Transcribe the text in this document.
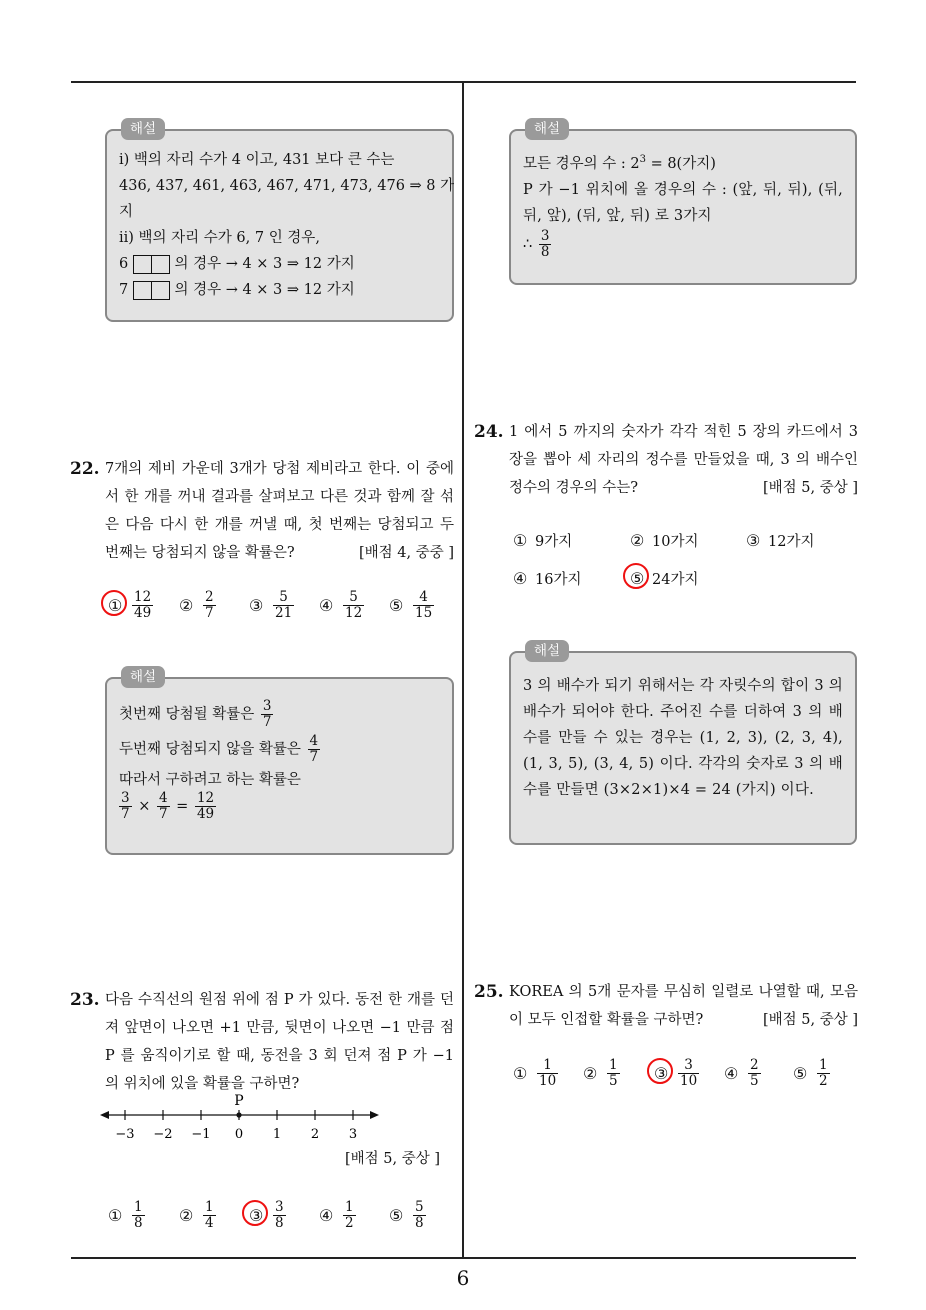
해설
ⅰ) 백의 자리 수가 4 이고, 431 보다 큰 수는
436, 437, 461, 463, 467, 471, 473, 476 ⇒ 8 가
지
ⅱ) 백의 자리 수가 6, 7 인 경우,
6	의 경우 → 4 × 3 ⇒ 12 가지
7	의 경우 → 4 × 3 ⇒ 12 가지
22. 7개의 제비 가운데 3개가 당첨 제비라고 한다. 이 중에서 한 개를 꺼내 결과를 살펴보고 다른 것과 함께 잘 섞은 다음 다시 한 개를 꺼낼 때, 첫 번째는 당첨되고 두 번째는 당첨되지 않을 확률은?	[배점 4, 중중 ]
① $\frac{12}{49}$ ② $\frac{2}{7}$ ③ $\frac{5}{21}$ ④ $\frac{5}{12}$ ⑤ $\frac{4}{15}$
해설
첫번째 당첨될 확률은 $\frac{3}{7}$
두번째 당첨되지 않을 확률은 $\frac{4}{7}$
따라서 구하려고 하는 확률은
$\frac{3}{7} \times \frac{4}{7} = \frac{12}{49}$
23. 다음 수직선의 원점 위에 점 P 가 있다. 동전 한 개를 던져 앞면이 나오면 +1 만큼, 뒷면이 나오면 −1 만큼 점 P 를 움직이기로 할 때, 동전을 3 회 던져 점 P 가 −1 의 위치에 있을 확률을 구하면?
−3 −2 −1 0 1 2 3
P
[배점 5, 중상 ]
① $\frac{1}{8}$ ② $\frac{1}{4}$ ③ $\frac{3}{8}$ ④ $\frac{1}{2}$ ⑤ $\frac{5}{8}$
해설
모든 경우의 수 : $2^3 = 8$(가지)
P 가 −1 위치에 올 경우의 수 : (앞, 뒤, 뒤), (뒤, 뒤, 앞), (뒤, 앞, 뒤) 로 3가지
∴ $\frac{3}{8}$
24. 1 에서 5 까지의 숫자가 각각 적힌 5 장의 카드에서 3 장을 뽑아 세 자리의 정수를 만들었을 때, 3 의 배수인 정수의 경우의 수는?	[배점 5, 중상 ]
① 9가지	② 10가지	③ 12가지
④ 16가지	⑤ 24가지
해설
3 의 배수가 되기 위해서는 각 자릿수의 합이 3 의 배수가 되어야 한다. 주어진 수를 더하여 3 의 배수를 만들 수 있는 경우는 (1, 2, 3), (2, 3, 4), (1, 3, 5), (3, 4, 5) 이다. 각각의 숫자로 3 의 배수를 만들면 (3×2×1)×4 = 24 (가지) 이다.
25. KOREA 의 5개 문자를 무심히 일렬로 나열할 때, 모음이 모두 인접할 확률을 구하면?	[배점 5, 중상 ]
① $\frac{1}{10}$ ② $\frac{1}{5}$ ③ $\frac{3}{10}$ ④ $\frac{2}{5}$ ⑤ $\frac{1}{2}$
6
